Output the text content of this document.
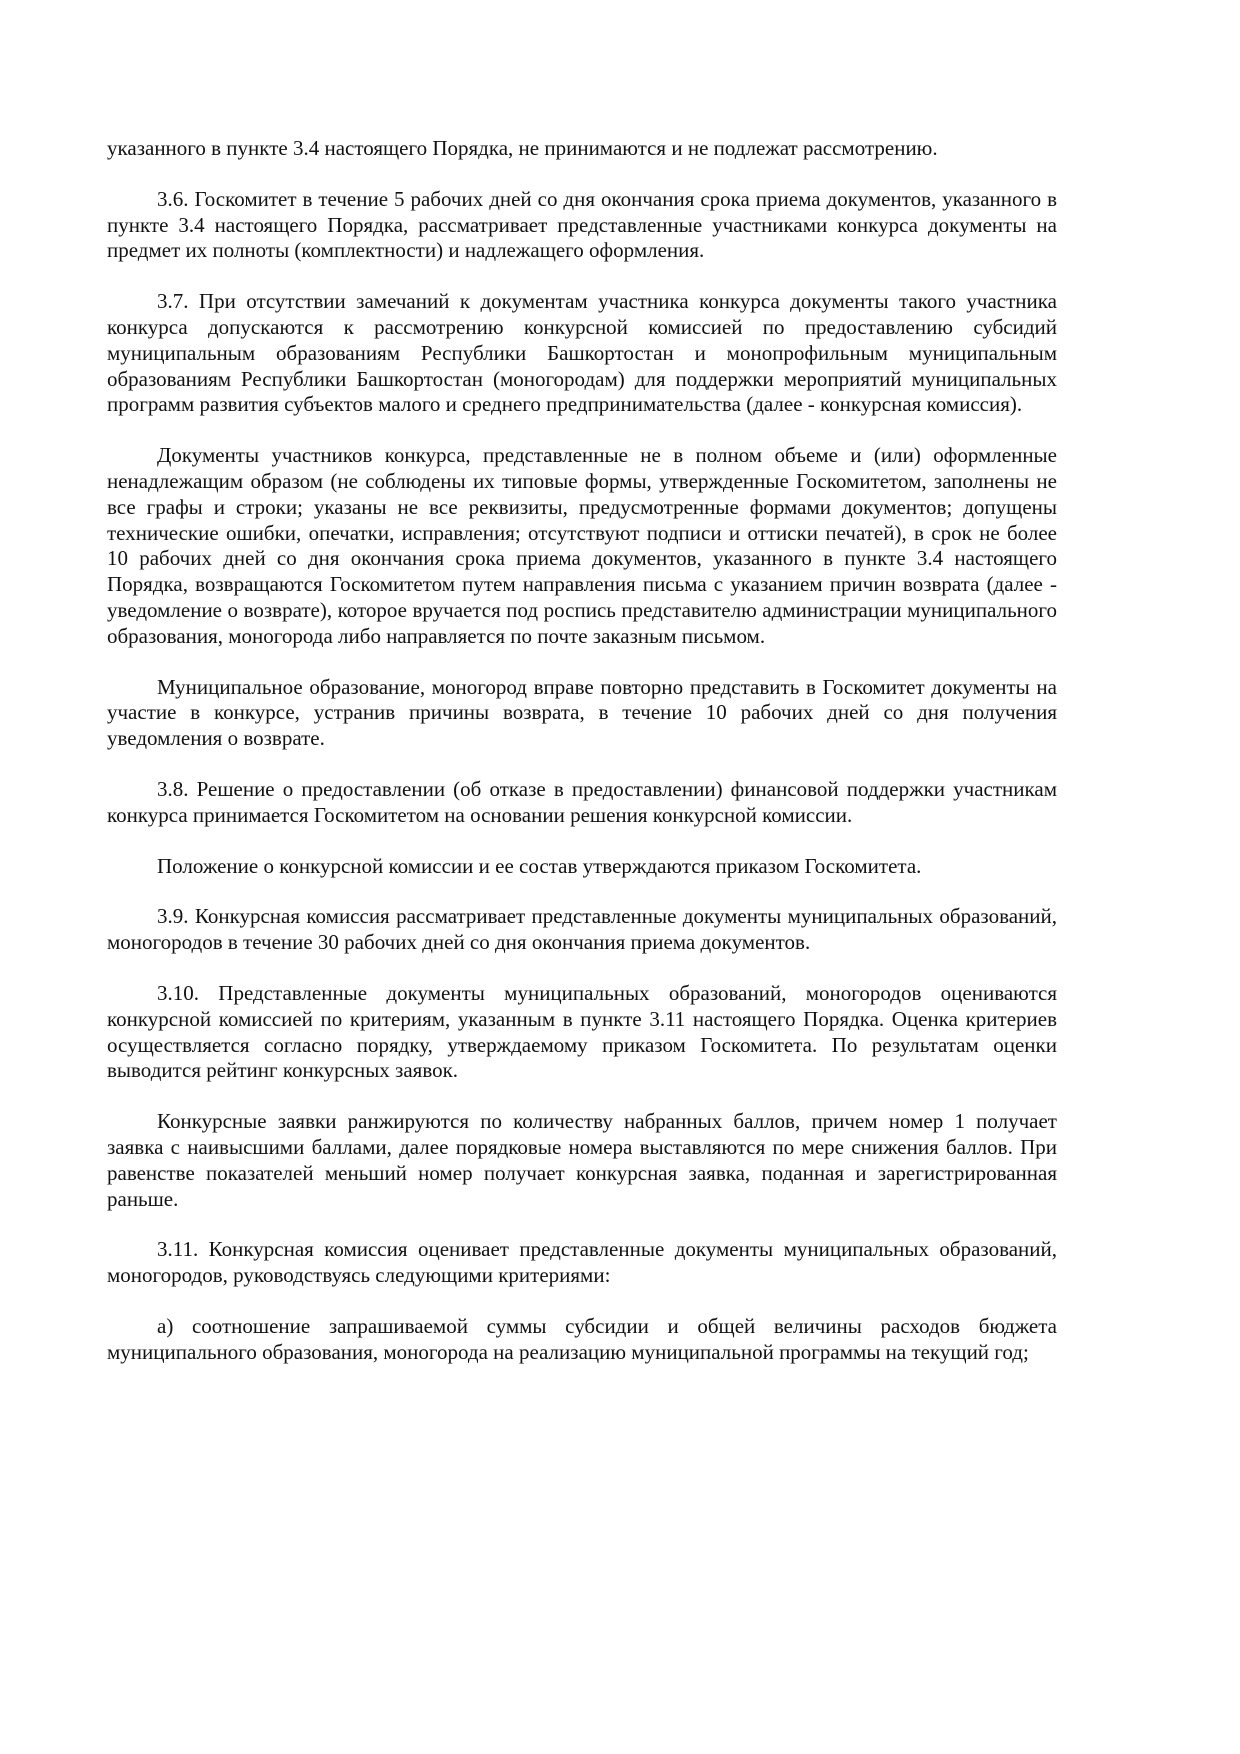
указанного в пункте 3.4 настоящего Порядка, не принимаются и не подлежат рассмотрению.

3.6. Госкомитет в течение 5 рабочих дней со дня окончания срока приема документов, указанного в пункте 3.4 настоящего Порядка, рассматривает представленные участниками конкурса документы на предмет их полноты (комплектности) и надлежащего оформления.

3.7. При отсутствии замечаний к документам участника конкурса документы такого участника конкурса допускаются к рассмотрению конкурсной комиссией по предоставлению субсидий муниципальным образованиям Республики Башкортостан и монопрофильным муниципальным образованиям Республики Башкортостан (моногородам) для поддержки мероприятий муниципальных программ развития субъектов малого и среднего предпринимательства (далее - конкурсная комиссия).

Документы участников конкурса, представленные не в полном объеме и (или) оформленные ненадлежащим образом (не соблюдены их типовые формы, утвержденные Госкомитетом, заполнены не все графы и строки; указаны не все реквизиты, предусмотренные формами документов; допущены технические ошибки, опечатки, исправления; отсутствуют подписи и оттиски печатей), в срок не более 10 рабочих дней со дня окончания срока приема документов, указанного в пункте 3.4 настоящего Порядка, возвращаются Госкомитетом путем направления письма с указанием причин возврата (далее - уведомление о возврате), которое вручается под роспись представителю администрации муниципального образования, моногорода либо направляется по почте заказным письмом.

Муниципальное образование, моногород вправе повторно представить в Госкомитет документы на участие в конкурсе, устранив причины возврата, в течение 10 рабочих дней со дня получения уведомления о возврате.

3.8. Решение о предоставлении (об отказе в предоставлении) финансовой поддержки участникам конкурса принимается Госкомитетом на основании решения конкурсной комиссии.

Положение о конкурсной комиссии и ее состав утверждаются приказом Госкомитета.

3.9. Конкурсная комиссия рассматривает представленные документы муниципальных образований, моногородов в течение 30 рабочих дней со дня окончания приема документов.

3.10. Представленные документы муниципальных образований, моногородов оцениваются конкурсной комиссией по критериям, указанным в пункте 3.11 настоящего Порядка. Оценка критериев осуществляется согласно порядку, утверждаемому приказом Госкомитета. По результатам оценки выводится рейтинг конкурсных заявок.

Конкурсные заявки ранжируются по количеству набранных баллов, причем номер 1 получает заявка с наивысшими баллами, далее порядковые номера выставляются по мере снижения баллов. При равенстве показателей меньший номер получает конкурсная заявка, поданная и зарегистрированная раньше.

3.11. Конкурсная комиссия оценивает представленные документы муниципальных образований, моногородов, руководствуясь следующими критериями:

а) соотношение запрашиваемой суммы субсидии и общей величины расходов бюджета муниципального образования, моногорода на реализацию муниципальной программы на текущий год;
